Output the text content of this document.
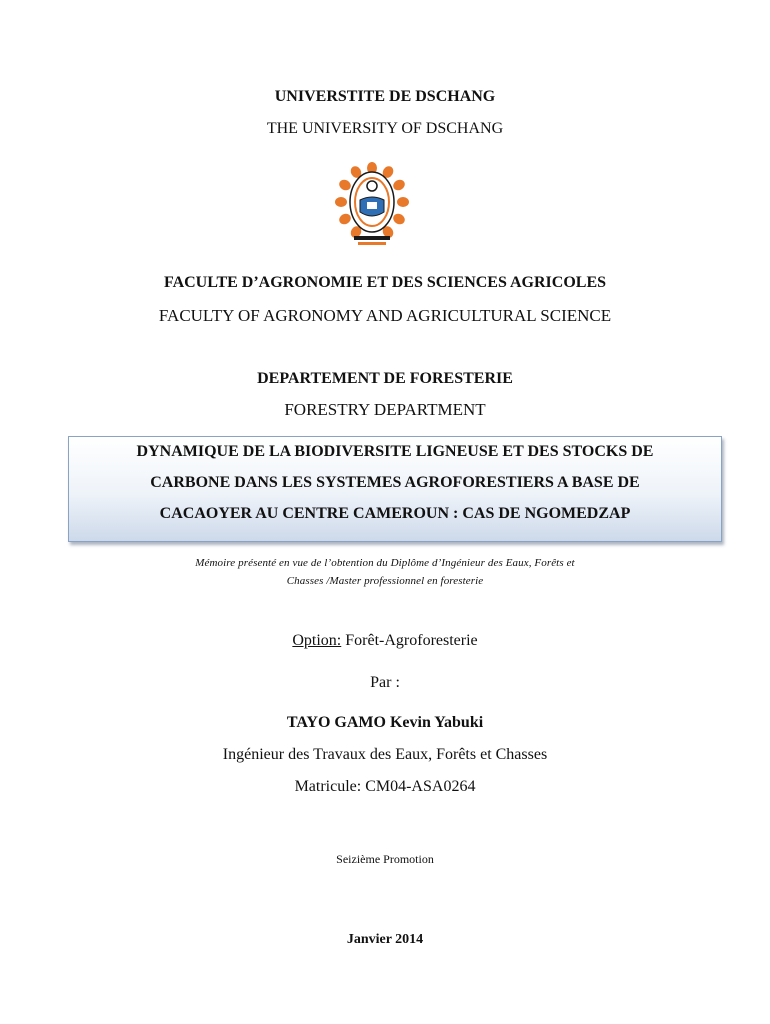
UNIVERSTITE DE DSCHANG
THE UNIVERSITY OF DSCHANG
FACULTE D’AGRONOMIE ET DES SCIENCES AGRICOLES
FACULTY OF AGRONOMY AND AGRICULTURAL SCIENCE
DEPARTEMENT DE FORESTERIE
FORESTRY DEPARTMENT
DYNAMIQUE DE LA BIODIVERSITE LIGNEUSE ET DES STOCKS DE
CARBONE DANS LES SYSTEMES AGROFORESTIERS A BASE DE
CACAOYER AU CENTRE CAMEROUN : CAS DE NGOMEDZAP
Mémoire présenté en vue de l’obtention du Diplôme d’Ingénieur des Eaux, Forêts et
Chasses /Master professionnel en foresterie
Option: Forêt-Agroforesterie
Par :
TAYO GAMO Kevin Yabuki
Ingénieur des Travaux des Eaux, Forêts et Chasses
Matricule: CM04-ASA0264
Seizième Promotion
Janvier 2014
